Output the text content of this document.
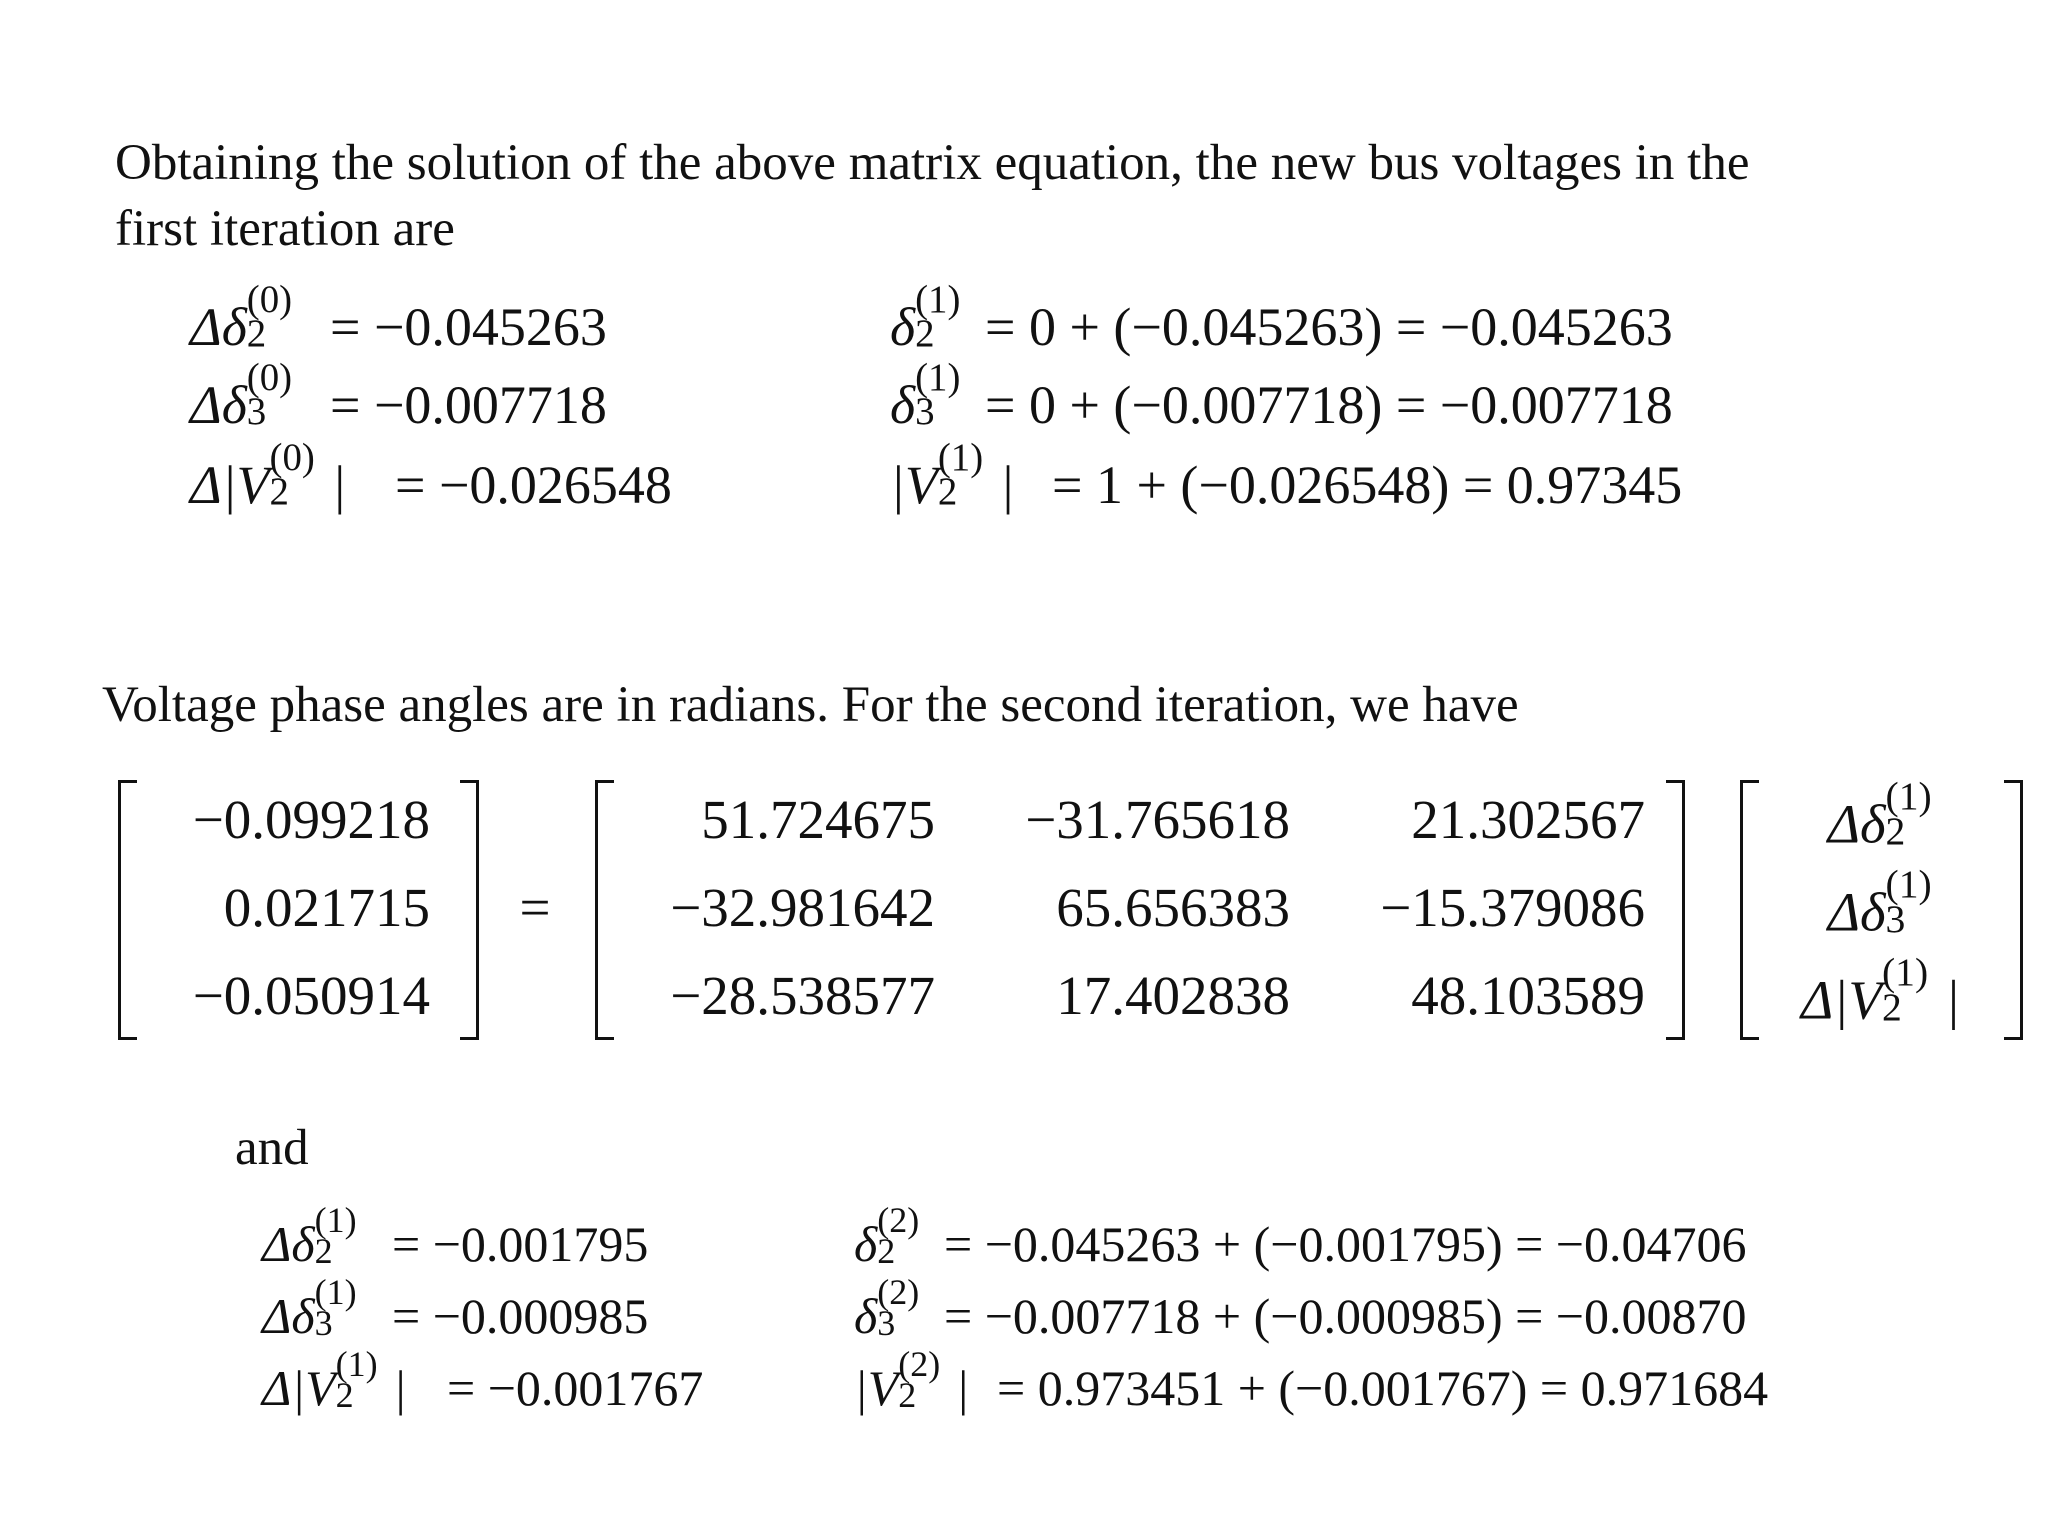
Obtaining the solution of the above matrix equation, the new bus voltages in the
first iteration are
Δδ (0)
2 = −0.045263	δ (1)
2 = 0 + (−0.045263) = −0.045263
Δδ (0)
3 = −0.007718	δ (1)
3 = 0 + (−0.007718) = −0.007718
Δ|V (0)
2 | = −0.026548	|V (1)
2 | = 1 + (−0.026548) = 0.97345
Voltage phase angles are in radians. For the second iteration, we have
−0.099218
0.021715
−0.050914
=
51.724675	−31.765618	21.302567
−32.981642	65.656383	−15.379086
−28.538577	17.402838	48.103589
Δδ (1)
2
Δδ (1)
3
Δ|V (1)
2 |
and
Δδ (1)
2 = −0.001795	δ (2)
2 = −0.045263 + (−0.001795) = −0.04706
Δδ (1)
3 = −0.000985	δ (2)
3 = −0.007718 + (−0.000985) = −0.00870
Δ|V (1)
2 | = −0.001767	|V (2)
2 | = 0.973451 + (−0.001767) = 0.971684
